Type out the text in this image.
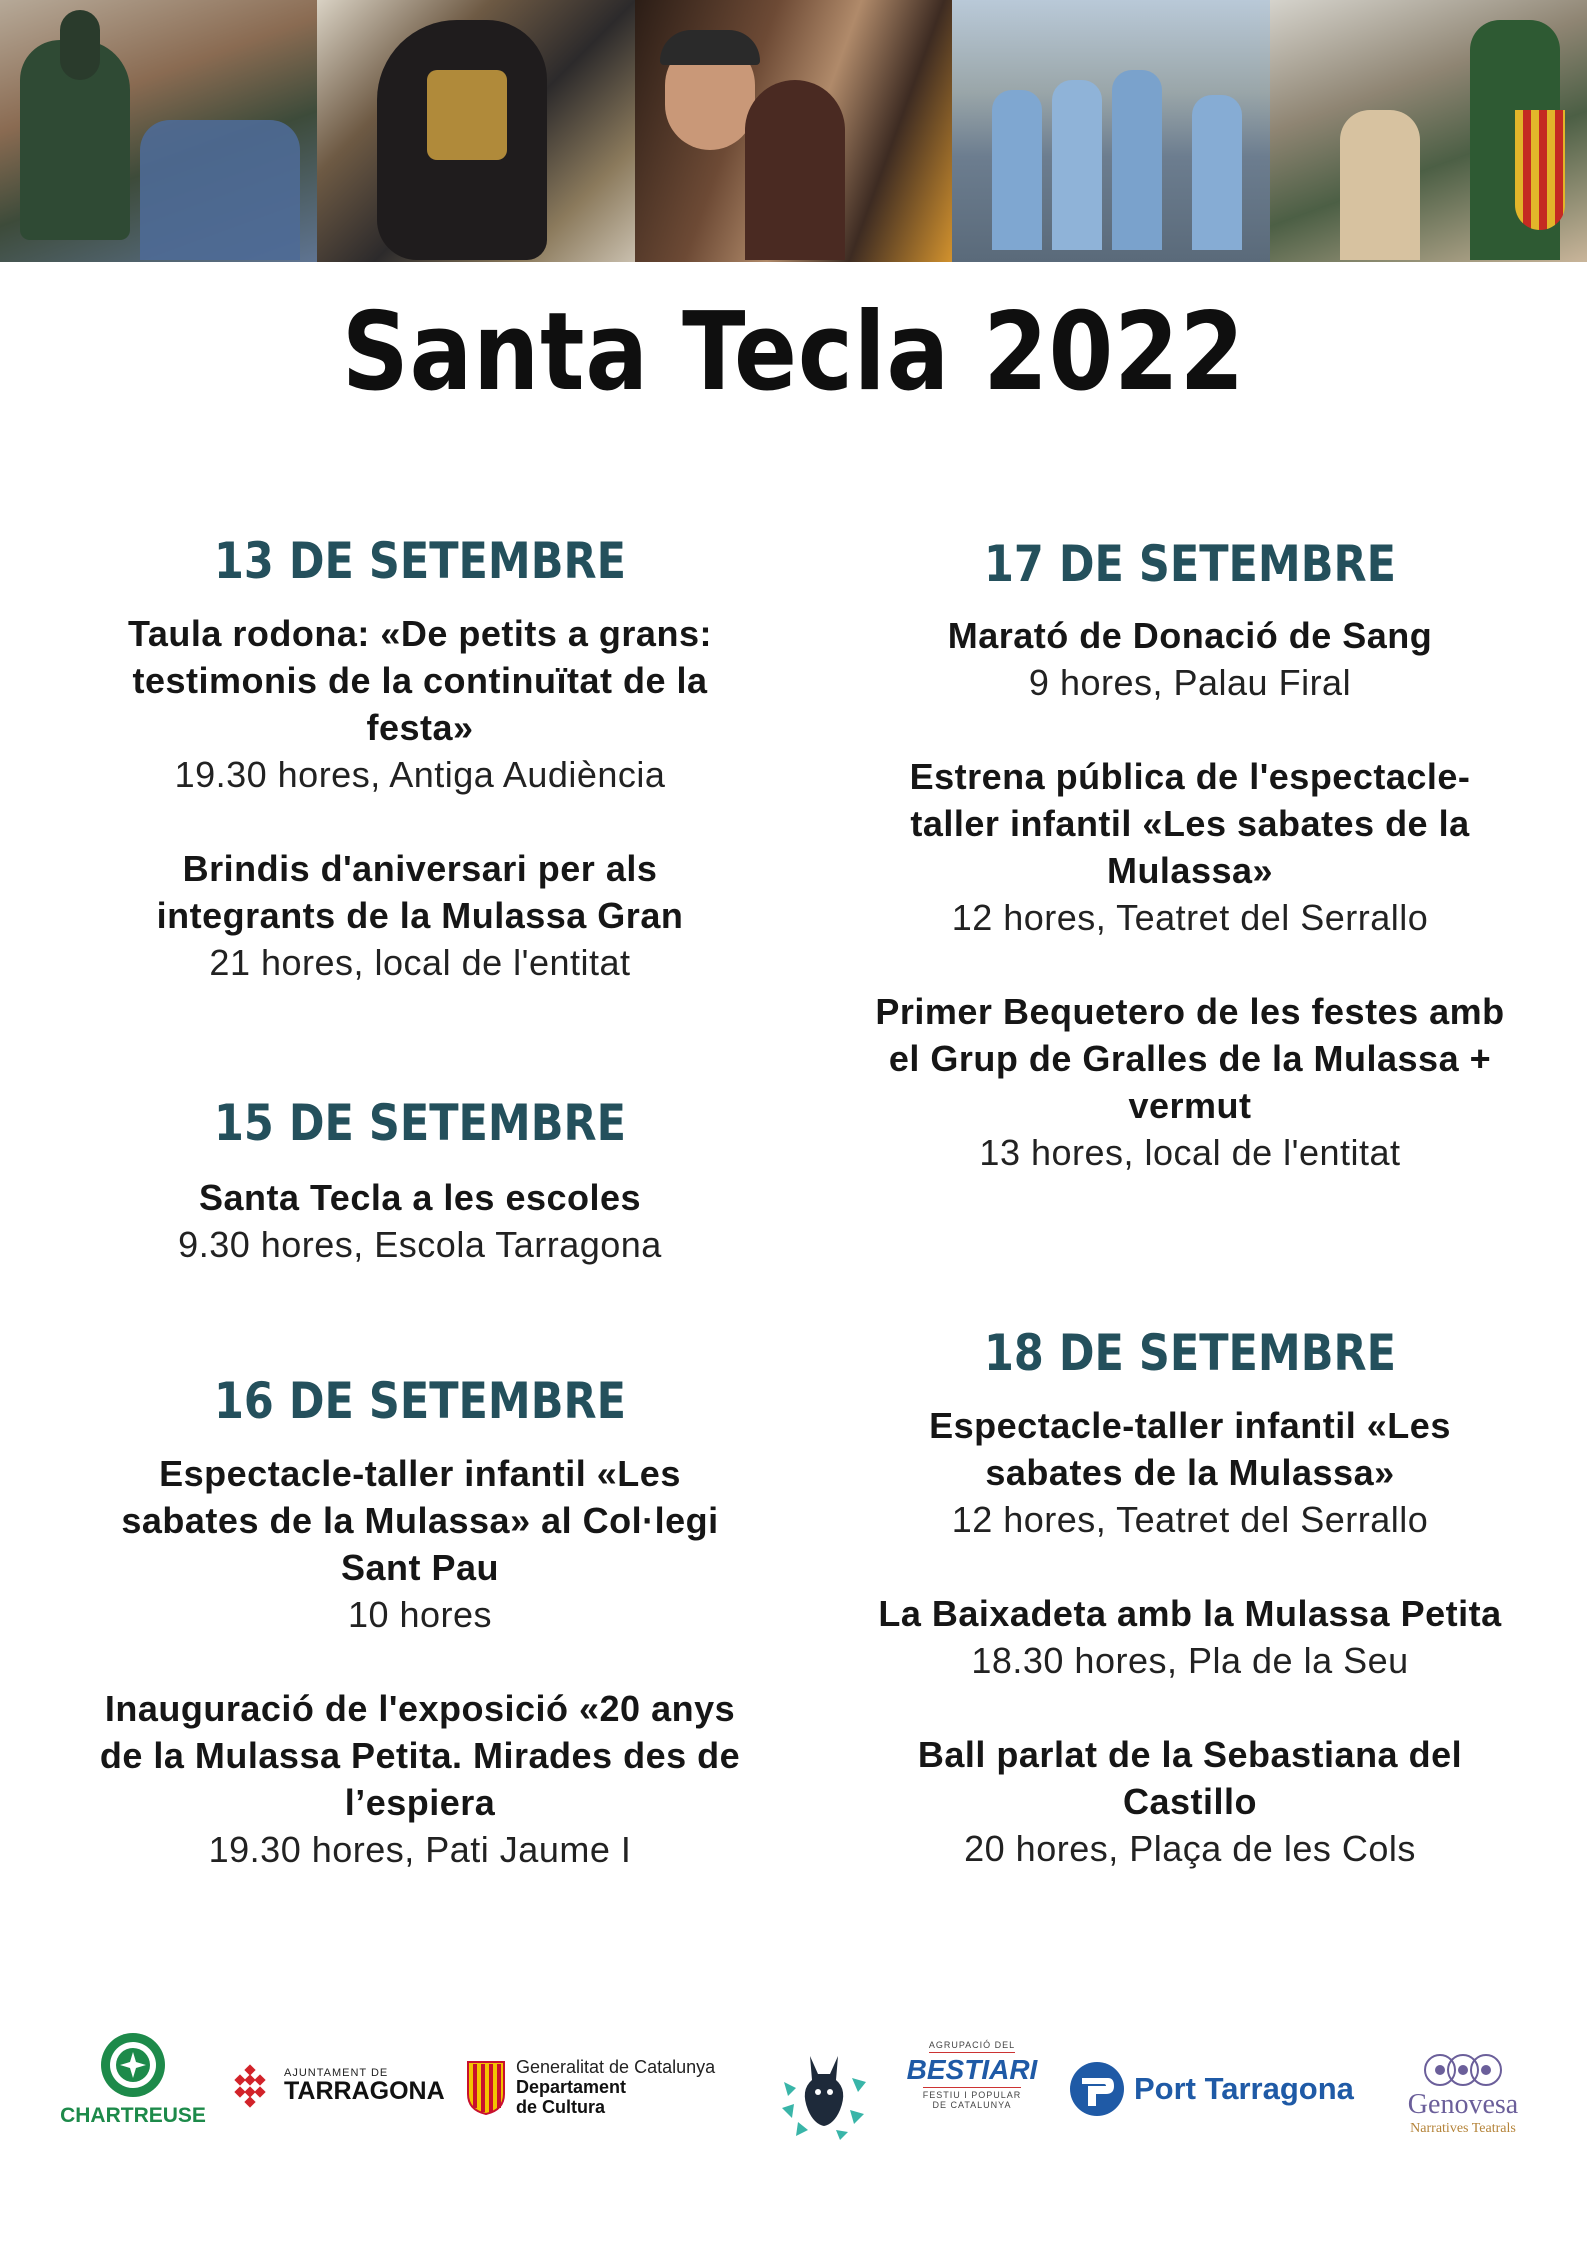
Santa Tecla 2022
13 DE SETEMBRE
Taula rodona: «De petits a grans:
testimonis de la continuïtat de la
festa»
19.30 hores, Antiga Audiència
Brindis d'aniversari per als
integrants de la Mulassa Gran
21 hores, local de l'entitat
15 DE SETEMBRE
Santa Tecla a les escoles
9.30 hores, Escola Tarragona
16 DE SETEMBRE
Espectacle-taller infantil «Les
sabates de la Mulassa» al Col·legi
Sant Pau
10 hores
Inauguració de l'exposició «20 anys
de la Mulassa Petita. Mirades des de
l’espiera
19.30 hores, Pati Jaume I
17 DE SETEMBRE
Marató de Donació de Sang
9 hores, Palau Firal
Estrena pública de l'espectacle-
taller infantil «Les sabates de la
Mulassa»
12 hores, Teatret del Serrallo
Primer Bequetero de les festes amb
el Grup de Gralles de la Mulassa +
vermut
13 hores, local de l'entitat
18 DE SETEMBRE
Espectacle-taller infantil «Les
sabates de la Mulassa»
12 hores, Teatret del Serrallo
La Baixadeta amb la Mulassa Petita
18.30 hores, Pla de la Seu
Ball parlat de la Sebastiana del
Castillo
20 hores, Plaça de les Cols
CHARTREUSE
AJUNTAMENT DE
TARRAGONA
Generalitat de Catalunya
Departament
de Cultura
AGRUPACIÓ DEL
BESTIARI
FESTIU I POPULAR
DE CATALUNYA	Port Tarragona Genovesa
Narratives Teatrals
